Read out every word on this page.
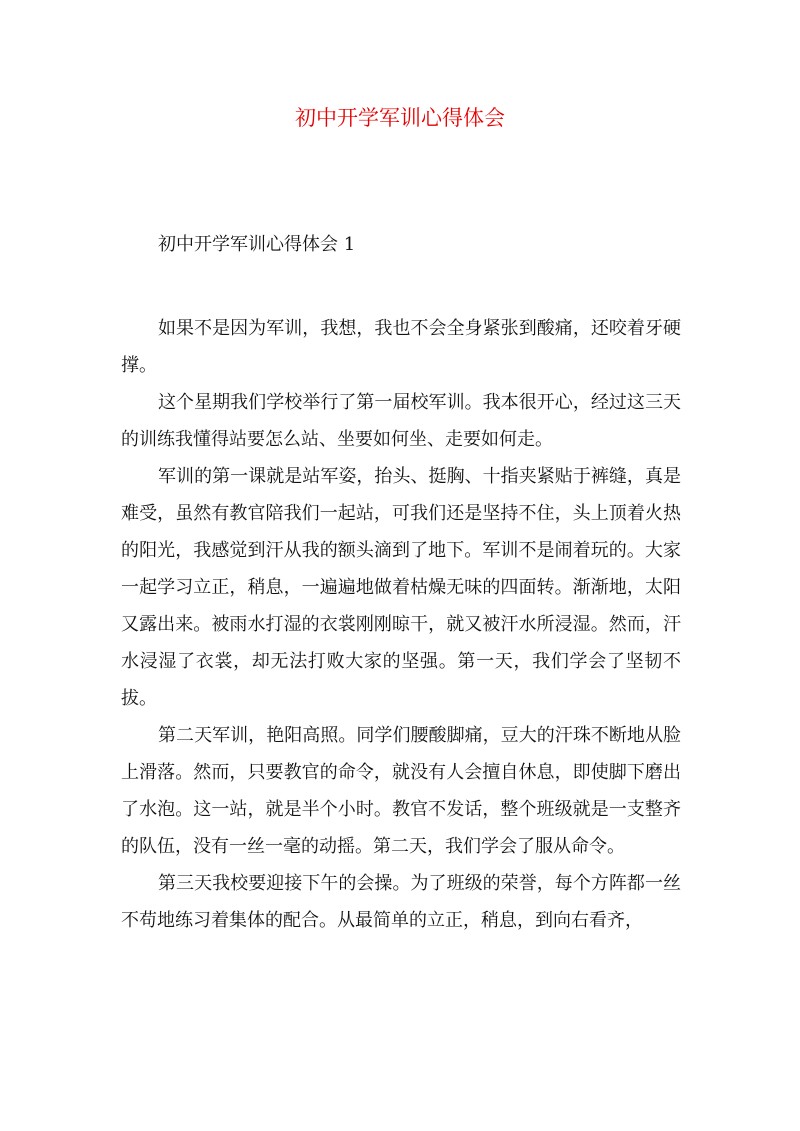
初中开学军训心得体会

初中开学军训心得体会 1

如果不是因为军训，我想，我也不会全身紧张到酸痛，还咬着牙硬撑。

这个星期我们学校举行了第一届校军训。我本很开心，经过这三天的训练我懂得站要怎么站、坐要如何坐、走要如何走。

军训的第一课就是站军姿，抬头、挺胸、十指夹紧贴于裤缝，真是难受，虽然有教官陪我们一起站，可我们还是坚持不住，头上顶着火热的阳光，我感觉到汗从我的额头滴到了地下。军训不是闹着玩的。大家一起学习立正，稍息，一遍遍地做着枯燥无味的四面转。渐渐地，太阳又露出来。被雨水打湿的衣裳刚刚晾干，就又被汗水所浸湿。然而，汗水浸湿了衣裳，却无法打败大家的坚强。第一天，我们学会了坚韧不拔。

第二天军训，艳阳高照。同学们腰酸脚痛，豆大的汗珠不断地从脸上滑落。然而，只要教官的命令，就没有人会擅自休息，即使脚下磨出了水泡。这一站，就是半个小时。教官不发话，整个班级就是一支整齐的队伍，没有一丝一毫的动摇。第二天，我们学会了服从命令。

第三天我校要迎接下午的会操。为了班级的荣誉，每个方阵都一丝不苟地练习着集体的配合。从最简单的立正，稍息，到向右看齐，
